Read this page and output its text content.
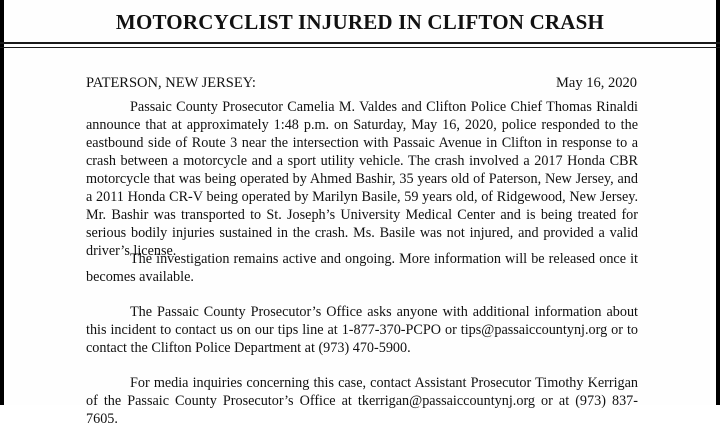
MOTORCYCLIST INJURED IN CLIFTON CRASH
PATERSON, NEW JERSEY:	May 16, 2020

Passaic County Prosecutor Camelia M. Valdes and Clifton Police Chief Thomas Rinaldi announce that at approximately 1:48 p.m. on Saturday, May 16, 2020, police responded to the eastbound side of Route 3 near the intersection with Passaic Avenue in Clifton in response to a crash between a motorcycle and a sport utility vehicle. The crash involved a 2017 Honda CBR motorcycle that was being operated by Ahmed Bashir, 35 years old of Paterson, New Jersey, and a 2011 Honda CR-V being operated by Marilyn Basile, 59 years old, of Ridgewood, New Jersey. Mr. Bashir was transported to St. Joseph’s University Medical Center and is being treated for serious bodily injuries sustained in the crash. Ms. Basile was not injured, and provided a valid driver’s license.

The investigation remains active and ongoing. More information will be released once it becomes available.

The Passaic County Prosecutor’s Office asks anyone with additional information about this incident to contact us on our tips line at 1-877-370-PCPO or tips@passaiccountynj.org or to contact the Clifton Police Department at (973) 470-5900.

For media inquiries concerning this case, contact Assistant Prosecutor Timothy Kerrigan of the Passaic County Prosecutor’s Office at tkerrigan@passaiccountynj.org or at (973) 837-7605.
